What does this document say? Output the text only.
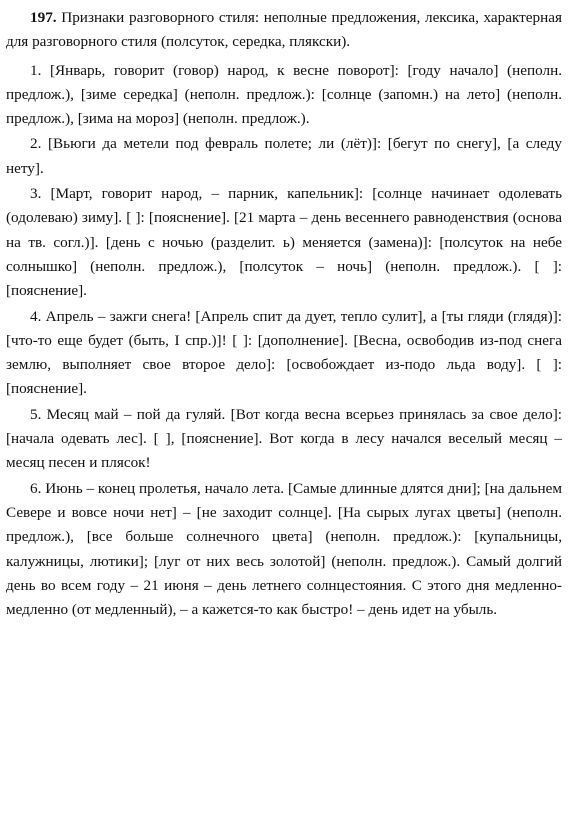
197. Признаки разговорного стиля: неполные предложения, лексика, характерная для разговорного стиля (полсуток, середка, плякски).

1. [Январь, говорит (говор) народ, к весне поворот]: [году начало] (неполн. предлож.), [зиме середка] (неполн. предлож.): [солнце (запомн.) на лето] (неполн. предлож.), [зима на мороз] (неполн. предлож.).

2. [Вьюги да метели под февраль полете; ли (лёт)]: [бегут по снегу], [а следу нету].

3. [Март, говорит народ, – парник, капельник]: [солнце начинает одолевать (одолеваю) зиму]. [ ]: [пояснение]. [21 марта – день весеннего равноденствия (основа на тв. согл.)]. [день с ночью (разделит. ь) меняется (замена)]: [полсуток на небе солнышко] (неполн. предлож.), [полсуток – ночь] (неполн. предлож.). [ ]: [пояснение].

4. Апрель – зажги снега! [Апрель спит да дует, тепло сулит], а [ты гляди (глядя)]: [что-то еще будет (быть, I спр.)]! [ ]: [дополнение]. [Весна, освободив из-под снега землю, выполняет свое второе дело]: [освобождает из-подо льда воду]. [ ]: [пояснение].

5. Месяц май – пой да гуляй. [Вот когда весна всерьез принялась за свое дело]: [начала одевать лес]. [ ], [пояснение]. Вот когда в лесу начался веселый месяц – месяц песен и плясок!

6. Июнь – конец пролетья, начало лета. [Самые длинные длятся дни]; [на дальнем Севере и вовсе ночи нет] – [не заходит солнце]. [На сырых лугах цветы] (неполн. предлож.), [все больше солнечного цвета] (неполн. предлож.): [купальницы, калужницы, лютики]; [луг от них весь золотой] (неполн. предлож.). Самый долгий день во всем году – 21 июня – день летнего солнцестояния. С этого дня медленно-медленно (от медленный), – а кажется-то как быстро! – день идет на убыль.
